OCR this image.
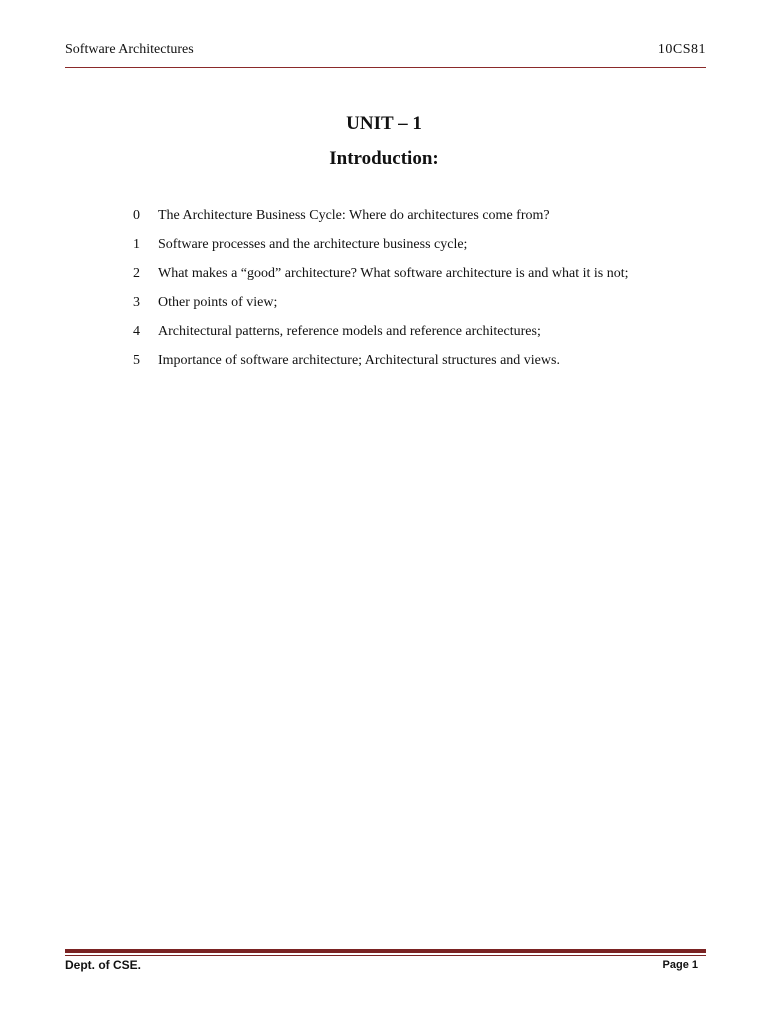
Software Architectures	10CS81
UNIT – 1
Introduction:
0	The Architecture Business Cycle: Where do architectures come from?
1	Software processes and the architecture business cycle;
2	What makes a “good” architecture? What software architecture is and what it is not;
3	Other points of view;
4	Architectural patterns, reference models and reference architectures;
5	Importance of software architecture; Architectural structures and views.
Dept. of CSE.	Page 1
